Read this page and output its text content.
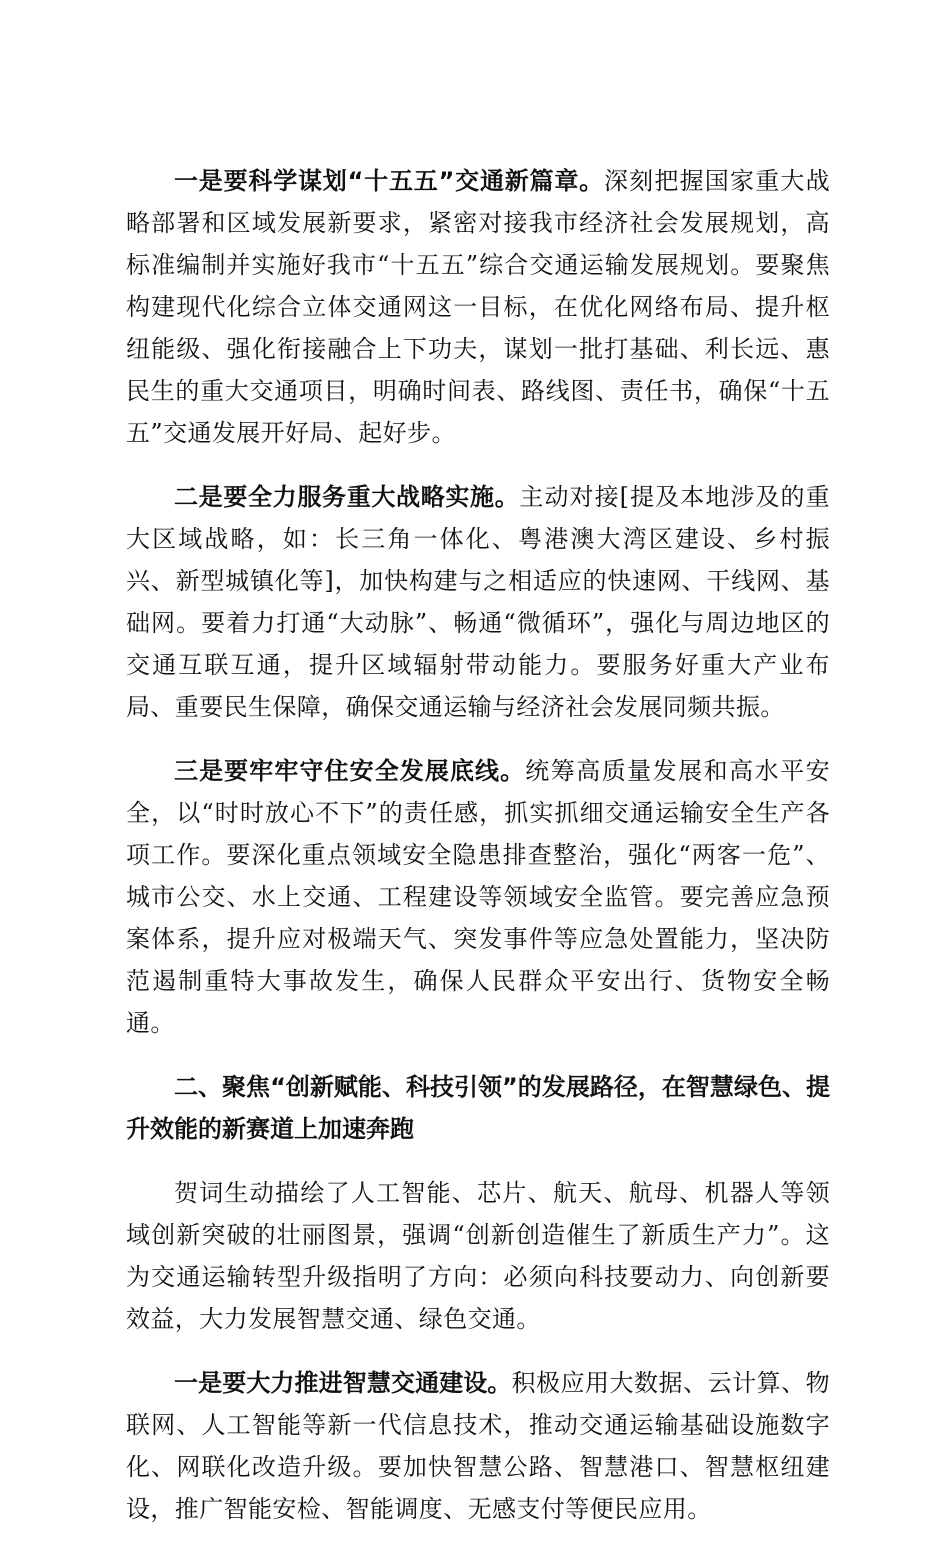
一是要科学谋划“十五五”交通新篇章。深刻把握国家重大战略部署和区域发展新要求，紧密对接我市经济社会发展规划，高标准编制并实施好我市“十五五”综合交通运输发展规划。要聚焦构建现代化综合立体交通网这一目标，在优化网络布局、提升枢纽能级、强化衔接融合上下功夫，谋划一批打基础、利长远、惠民生的重大交通项目，明确时间表、路线图、责任书，确保“十五五”交通发展开好局、起好步。

二是要全力服务重大战略实施。主动对接[提及本地涉及的重大区域战略，如：长三角一体化、粤港澳大湾区建设、乡村振兴、新型城镇化等]，加快构建与之相适应的快速网、干线网、基础网。要着力打通“大动脉”、畅通“微循环”，强化与周边地区的交通互联互通，提升区域辐射带动能力。要服务好重大产业布局、重要民生保障，确保交通运输与经济社会发展同频共振。

三是要牢牢守住安全发展底线。统筹高质量发展和高水平安全，以“时时放心不下”的责任感，抓实抓细交通运输安全生产各项工作。要深化重点领域安全隐患排查整治，强化“两客一危”、城市公交、水上交通、工程建设等领域安全监管。要完善应急预案体系，提升应对极端天气、突发事件等应急处置能力，坚决防范遏制重特大事故发生，确保人民群众平安出行、货物安全畅通。

二、聚焦“创新赋能、科技引领”的发展路径，在智慧绿色、提升效能的新赛道上加速奔跑

贺词生动描绘了人工智能、芯片、航天、航母、机器人等领域创新突破的壮丽图景，强调“创新创造催生了新质生产力”。这为交通运输转型升级指明了方向：必须向科技要动力、向创新要效益，大力发展智慧交通、绿色交通。

一是要大力推进智慧交通建设。积极应用大数据、云计算、物联网、人工智能等新一代信息技术，推动交通运输基础设施数字化、网联化改造升级。要加快智慧公路、智慧港口、智慧枢纽建设，推广智能安检、智能调度、无感支付等便民应用。
